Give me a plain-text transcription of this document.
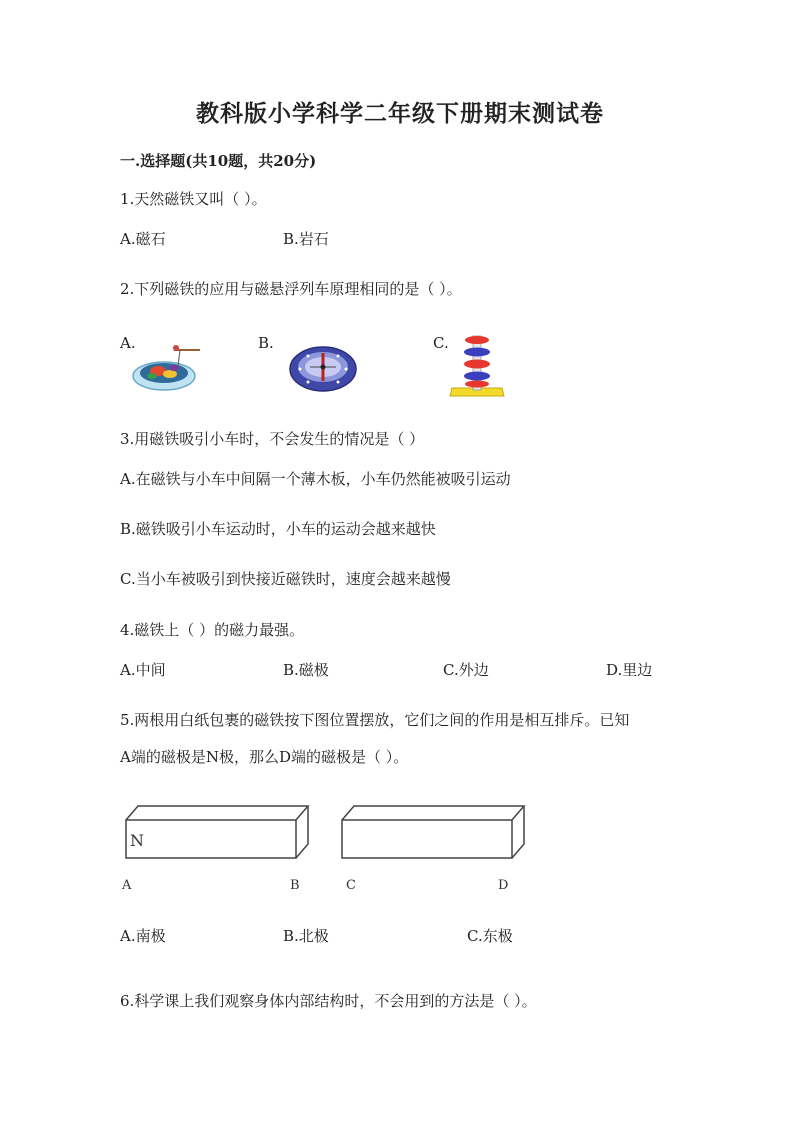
教科版小学科学二年级下册期末测试卷
一.选择题(共10题，共20分)
1.天然磁铁又叫（ ）。
A.磁石	B.岩石
2.下列磁铁的应用与磁悬浮列车原理相同的是（ ）。
A.	B.	C.
3.用磁铁吸引小车时，不会发生的情况是（ ）
A.在磁铁与小车中间隔一个薄木板，小车仍然能被吸引运动
B.磁铁吸引小车运动时，小车的运动会越来越快
C.当小车被吸引到快接近磁铁时，速度会越来越慢
4.磁铁上（ ）的磁力最强。
A.中间	B.磁极	C.外边	D.里边
5.两根用白纸包裹的磁铁按下图位置摆放，它们之间的作用是相互排斥。已知
A端的磁极是N极，那么D端的磁极是（ ）。
N
A	B	C	D
A.南极	B.北极	C.东极
6.科学课上我们观察身体内部结构时，不会用到的方法是（ ）。
